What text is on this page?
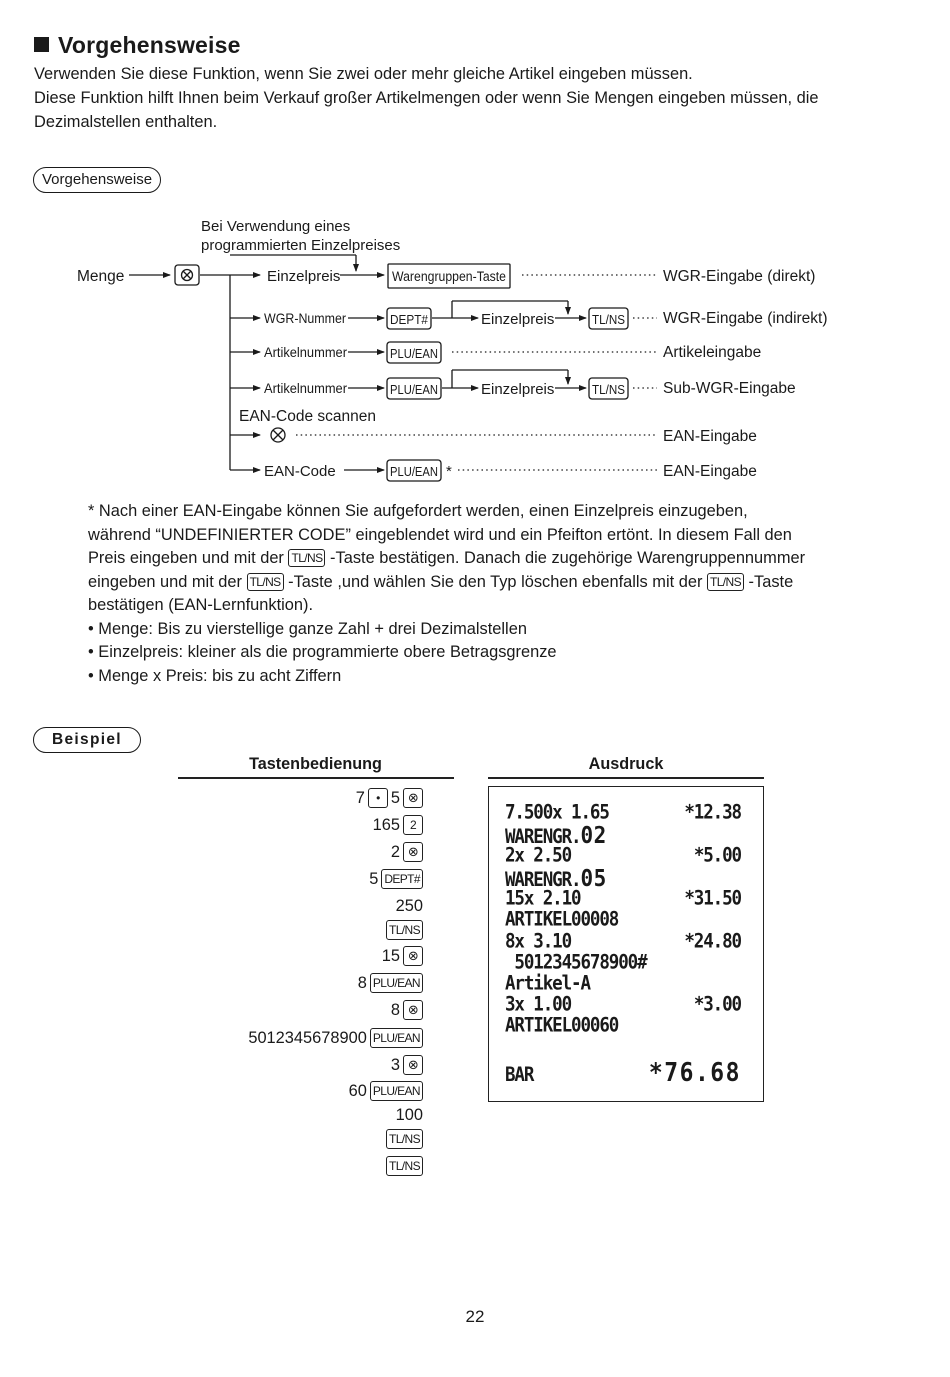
Vorgehensweise
Verwenden Sie diese Funktion, wenn Sie zwei oder mehr gleiche Artikel eingeben müssen.
Diese Funktion hilft Ihnen beim Verkauf großer Artikelmengen oder wenn Sie Mengen eingeben müssen, die
Dezimalstellen enthalten.
Vorgehensweise
Bei Verwendung eines
programmierten Einzelpreises
Menge	Einzelpreis	Warengruppen-Taste	WGR-Eingabe (direkt)
WGR-Nummer	DEPT#	Einzelpreis	TL/NS WGR-Eingabe (indirekt)
Artikelnummer	PLU/EAN	Artikeleingabe
Artikelnummer	PLU/EAN	Einzelpreis	TL/NS Sub-WGR-Eingabe
EAN-Code scannen
EAN-Eingabe
EAN-Code	PLU/EAN *	EAN-Eingabe
* Nach einer EAN-Eingabe können Sie aufgefordert werden, einen Einzelpreis einzugeben,
während “UNDEFINIERTER CODE” eingeblendet wird und ein Pfeifton ertönt. In diesem Fall den
Preis eingeben und mit der TL/NS -Taste bestätigen. Danach die zugehörige Warengruppennummer
eingeben und mit der TL/NS -Taste ,und wählen Sie den Typ löschen ebenfalls mit der TL/NS -Taste
bestätigen (EAN-Lernfunktion).
• Menge: Bis zu vierstellige ganze Zahl + drei Dezimalstellen
• Einzelpreis: kleiner als die programmierte obere Betragsgrenze
• Menge x Preis: bis zu acht Ziffern
Beispiel
Tastenbedienung	Ausdruck
7 • 5 ⊗
165 2
2 ⊗
5 DEPT#
250
TL/NS
15 ⊗
8 PLU/EAN
8 ⊗
5012345678900 PLU/EAN
3 ⊗
60 PLU/EAN
100
TL/NS
TL/NS
7.500x 1.65	*12.38
WARENGR.02
2x 2.50	*5.00
WARENGR.05
15x 2.10	*31.50
ARTIKEL00008
8x 3.10	*24.80
5012345678900#
Artikel-A
3x 1.00	*3.00
ARTIKEL00060
BAR	*76.68
22
